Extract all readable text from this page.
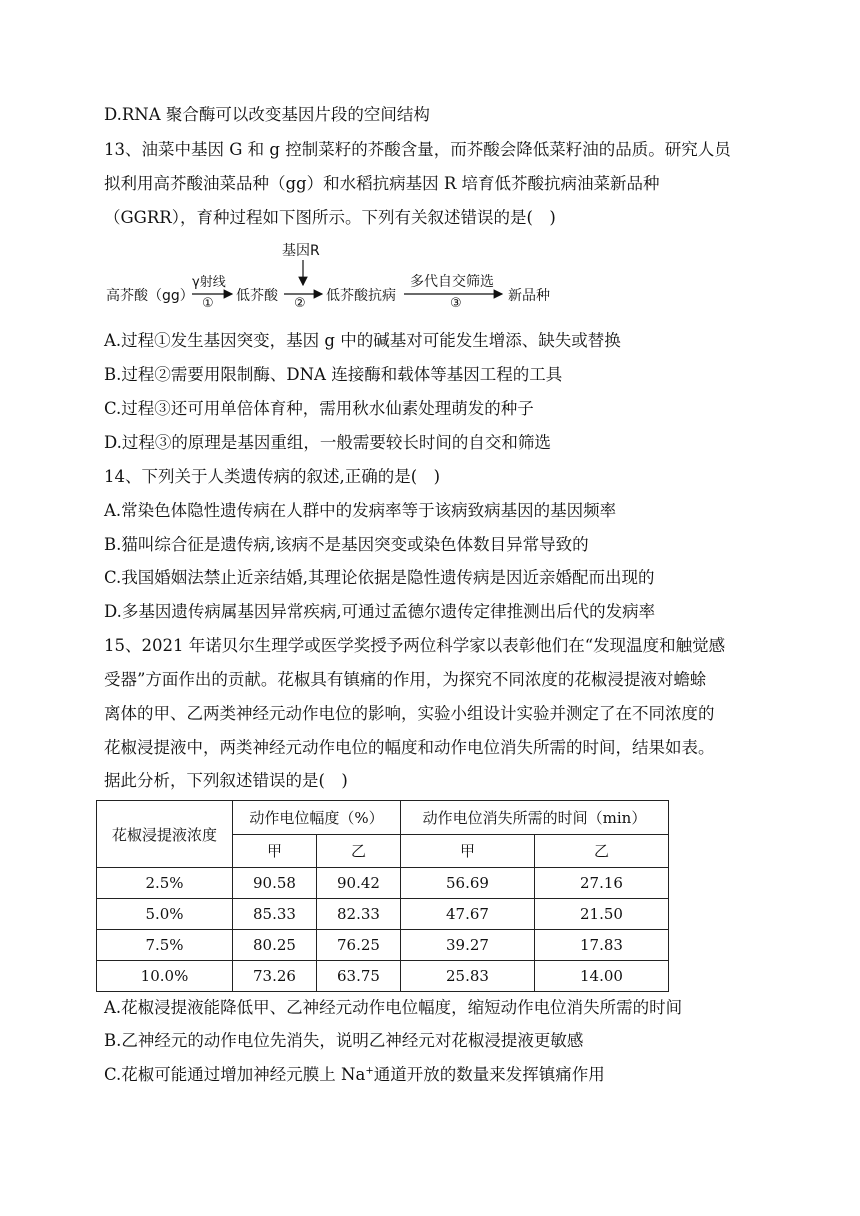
D.RNA 聚合酶可以改变基因片段的空间结构
13、油菜中基因 G 和 g 控制菜籽的芥酸含量，而芥酸会降低菜籽油的品质。研究人员
拟利用高芥酸油菜品种（gg）和水稻抗病基因 R 培育低芥酸抗病油菜新品种
（GGRR），育种过程如下图所示。下列有关叙述错误的是(　)
高芥酸（gg）
γ射线
① 低芥酸
基因R
② 低芥酸抗病
多代自交筛选
③	新品种
A.过程①发生基因突变，基因 g 中的碱基对可能发生增添、缺失或替换
B.过程②需要用限制酶、DNA 连接酶和载体等基因工程的工具
C.过程③还可用单倍体育种，需用秋水仙素处理萌发的种子
D.过程③的原理是基因重组，一般需要较长时间的自交和筛选
14、下列关于人类遗传病的叙述,正确的是(　)
A.常染色体隐性遗传病在人群中的发病率等于该病致病基因的基因频率
B.猫叫综合征是遗传病,该病不是基因突变或染色体数目异常导致的
C.我国婚姻法禁止近亲结婚,其理论依据是隐性遗传病是因近亲婚配而出现的
D.多基因遗传病属基因异常疾病,可通过孟德尔遗传定律推测出后代的发病率
15、2021 年诺贝尔生理学或医学奖授予两位科学家以表彰他们在“发现温度和触觉感
受器”方面作出的贡献。花椒具有镇痛的作用，为探究不同浓度的花椒浸提液对蟾蜍
离体的甲、乙两类神经元动作电位的影响，实验小组设计实验并测定了在不同浓度的
花椒浸提液中，两类神经元动作电位的幅度和动作电位消失所需的时间，结果如表。
据此分析，下列叙述错误的是(　)
花椒浸提液浓度	动作电位幅度（%）		动作电位消失所需的时间（min）	
	甲	乙	甲	乙
2.5%	90.58	90.42	56.69	27.16
5.0%	85.33	82.33	47.67	21.50
7.5%	80.25	76.25	39.27	17.83
10.0%	73.26	63.75	25.83	14.00
A.花椒浸提液能降低甲、乙神经元动作电位幅度，缩短动作电位消失所需的时间
B.乙神经元的动作电位先消失，说明乙神经元对花椒浸提液更敏感
C.花椒可能通过增加神经元膜上 Na+通道开放的数量来发挥镇痛作用
